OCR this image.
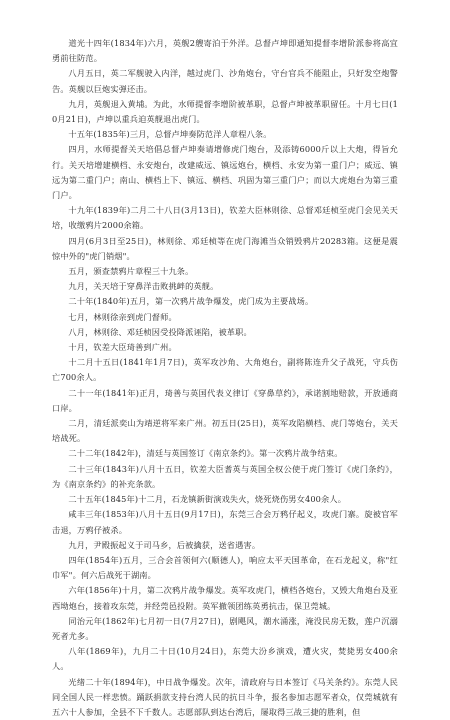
道光十四年(1834年)六月，英舰2艘寄泊于外洋。总督卢坤即通知提督李增阶派参将高宜勇前往防范。

八月五日，英二军舰驶入内洋，越过虎门、沙角炮台，守台官兵不能阻止，只好发空炮警告。英舰以巨炮实弹还击。

九月，英舰退入黄埔。为此，水师提督李增阶被革职，总督卢坤被革职留任。十月七日(10月21日)，卢坤以重兵迫英舰退出虎门。

十五年(1835年)三月，总督卢坤奏防范洋人章程八条。

四月，水师提督关天培倡总督卢坤奏请增修虎门炮台，及添铸6000斤以上大炮，得旨允行。关天培增建横档、永安炮台，改建威远、镇远炮台，横档、永安为第一重门户；威远、镇远为第二重门户；南山、横档上下、镇远、横档、巩固为第三重门户；而以大虎炮台为第三重门户。

十九年(1839年)二月二十八日(3月13日)，钦差大臣林则徐、总督邓廷桢至虎门会见关天培，收缴鸦片2000余箱。

四月(6月3日至25日)，林则徐、邓廷桢等在虎门海滩当众销毁鸦片20283箱。这便是震惊中外的"虎门销烟"。

五月，颁查禁鸦片章程三十九条。

九月，关天培于穿鼻洋击败挑衅的英舰。

二十年(1840年)五月，第一次鸦片战争爆发，虎门成为主要战场。

七月，林则徐亲到虎门督师。

八月，林则徐、邓廷桢因受投降派诬陷，被革职。

十月，钦差大臣琦善到广州。

十二月十五日(1841年1月7日)，英军攻沙角、大角炮台，副将陈连升父子战死，守兵伤亡700余人。

二十一年(1841年)正月，琦善与英国代表义律订《穿鼻草约》，承诺割地赔款，开放通商口岸。

二月，清廷派奕山为靖逆将军来广州。初五日(25日)，英军攻陷横档、虎门等炮台，关天培战死。

二十二年(1842年)，清廷与英国签订《南京条约》。第一次鸦片战争结束。

二十三年(1843年)八月十五日，钦差大臣耆英与英国全权公使于虎门签订《虎门条约》，为《南京条约》的补充条款。

二十五年(1845年)十二月，石龙镇新街演戏失火，烧死烧伤男女400余人。

咸丰三年(1853年)八月十五日(9月17日)，东莞三合会万鸦仔起义，攻虎门寨。旋被官军击退，万鸦仔被杀。

九月，尹殿振起义于司马乡，后被擒获，送省遇害。

四年(1854年)五月，三合会首领何六(顺德人)，响应太平天国革命，在石龙起义，称"红巾军"。何六后战死于湖南。

六年(1856年)十月，第二次鸦片战争爆发。英军攻虎门，横档各炮台，又毁大角炮台及亚西坳炮台，接着攻东莞，并经莞邑投附。英军撤领团练英勇抗击，保卫莞城。

同治元年(1862年)七月初一日(7月27日)，剧飓风，潮水涌涨，淹没民房无数，莲户沉溺死者尤多。

八年(1869年)，九月二十日(10月24日)，东莞大汾乡演戏，遭火灾，焚毙男女400余人。

光绪二十年(1894年)，中日战争爆发。次年，清政府与日本签订《马关条约》。东莞人民同全国人民一样悲愤。踊跃捐款支持台湾人民的抗日斗争，报名参加志愿军者众，仅莞城就有五六十人参加，全县不下千数人。志愿部队到达台湾后，屡取得三战三捷的胜利，但
